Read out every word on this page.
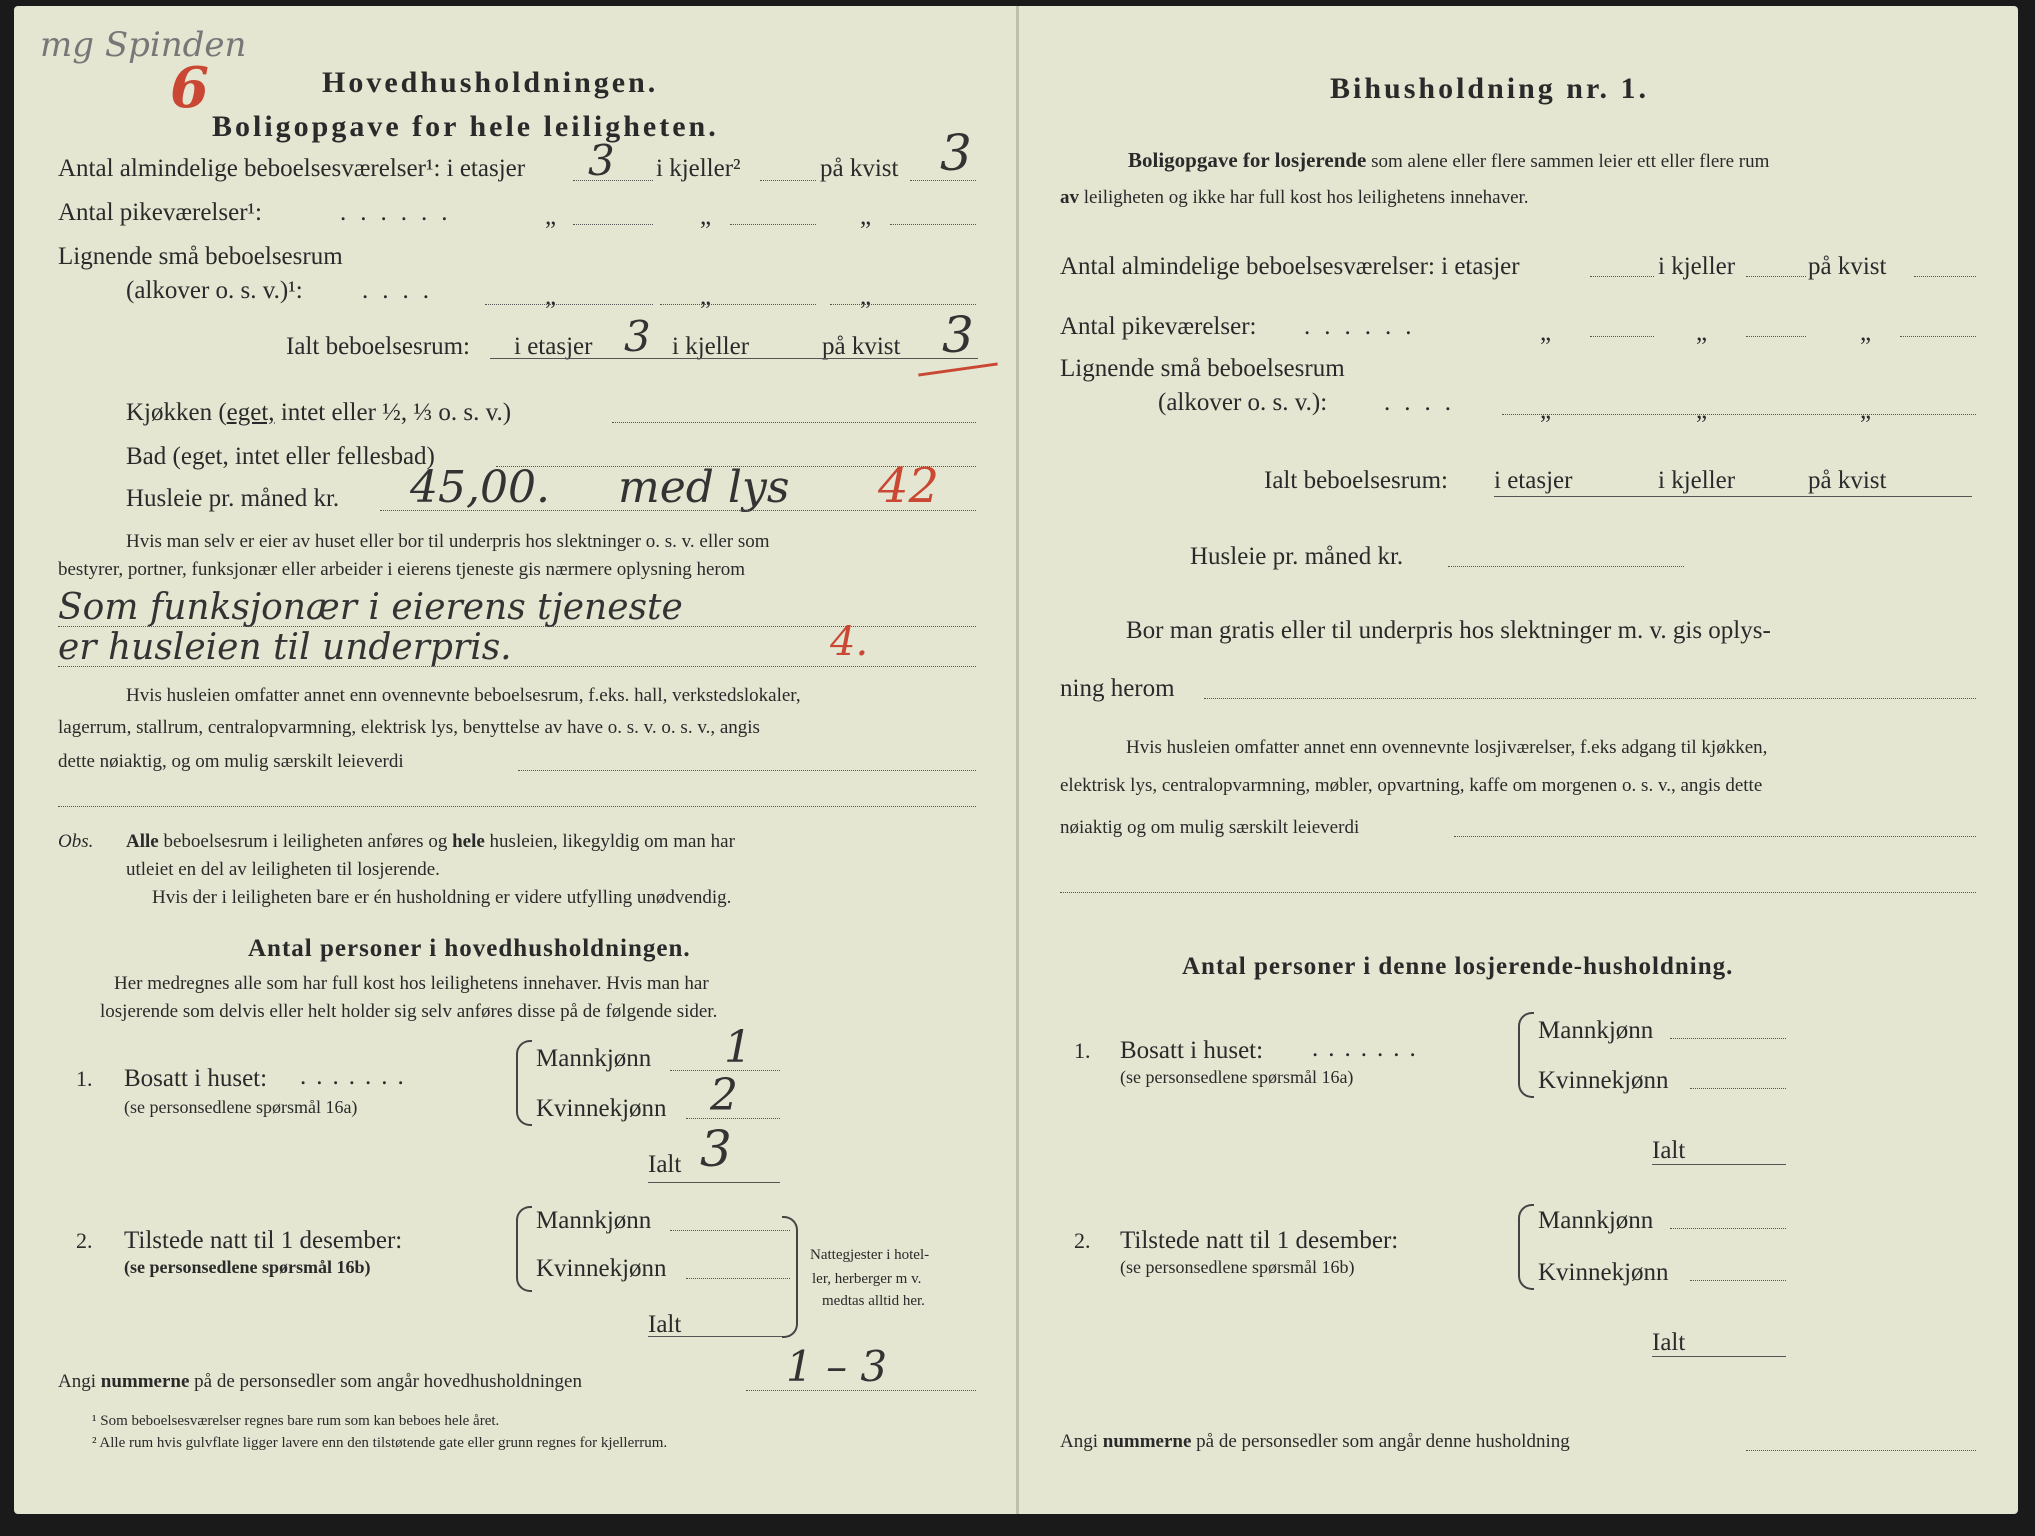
mg Spinden
6	Hovedhusholdningen.
Boligopgave for hele leiligheten.
Antal almindelige beboelsesværelser¹: i etasjer 3 i kjeller²	på kvist 3
Antal pikeværelser¹:	......	„	„	„
Lignende små beboelsesrum
(alkover o. s. v.)¹: ....	„	„	„
Ialt beboelsesrum: i etasjer 3 i kjeller	på kvist 3
Kjøkken (eget, intet eller ½, ⅓ o. s. v.)
Bad (eget, intet eller fellesbad)
Husleie pr. måned kr. 45,00. med lys 42
Hvis man selv er eier av huset eller bor til underpris hos slektninger o. s. v. eller som
bestyrer, portner, funksjonær eller arbeider i eierens tjeneste gis nærmere oplysning herom
Som funksjonær i eierens tjeneste
er husleien til underpris.	4.
Hvis husleien omfatter annet enn ovennevnte beboelsesrum, f.eks. hall, verkstedslokaler,
lagerrum, stallrum, centralopvarmning, elektrisk lys, benyttelse av have o. s. v. o. s. v., angis
dette nøiaktig, og om mulig særskilt leieverdi
Obs. Alle beboelsesrum i leiligheten anføres og hele husleien, likegyldig om man har
utleiet en del av leiligheten til losjerende.
Hvis der i leiligheten bare er én husholdning er videre utfylling unødvendig.
Antal personer i hovedhusholdningen.
Her medregnes alle som har full kost hos leilighetens innehaver. Hvis man har
losjerende som delvis eller helt holder sig selv anføres disse på de følgende sider.
1. Bosatt i huset: .......
(se personsedlene spørsmål 16a)
Mannkjønn 1
Kvinnekjønn 2
Ialt 3
2. Tilstede natt til 1 desember:
(se personsedlene spørsmål 16b)
Mannkjønn
Kvinnekjønn
Ialt
Nattegjester i hotel-
ler, herberger m v.
medtas alltid her.
Angi nummerne på de personsedler som angår hovedhusholdningen	1 – 3
¹ Som beboelsesværelser regnes bare rum som kan beboes hele året.
² Alle rum hvis gulvflate ligger lavere enn den tilstøtende gate eller grunn regnes for kjellerrum.
Bihusholdning nr. 1.
Boligopgave for losjerende som alene eller flere sammen leier ett eller flere rum
av leiligheten og ikke har full kost hos leilighetens innehaver.
Antal almindelige beboelsesværelser: i etasjer	i kjeller	på kvist
Antal pikeværelser: ......	„	„	„
Lignende små beboelsesrum
(alkover o. s. v.): ....	„	„	„
Ialt beboelsesrum: i etasjer	i kjeller	på kvist
Husleie pr. måned kr.
Bor man gratis eller til underpris hos slektninger m. v. gis oplys-
ning herom
Hvis husleien omfatter annet enn ovennevnte losjiværelser, f.eks adgang til kjøkken,
elektrisk lys, centralopvarmning, møbler, opvartning, kaffe om morgenen o. s. v., angis dette
nøiaktig og om mulig særskilt leieverdi
Antal personer i denne losjerende-husholdning.
1. Bosatt i huset: .......
(se personsedlene spørsmål 16a)
Mannkjønn
Kvinnekjønn
Ialt
2. Tilstede natt til 1 desember:
(se personsedlene spørsmål 16b)
Mannkjønn
Kvinnekjønn
Ialt
Angi nummerne på de personsedler som angår denne husholdning
